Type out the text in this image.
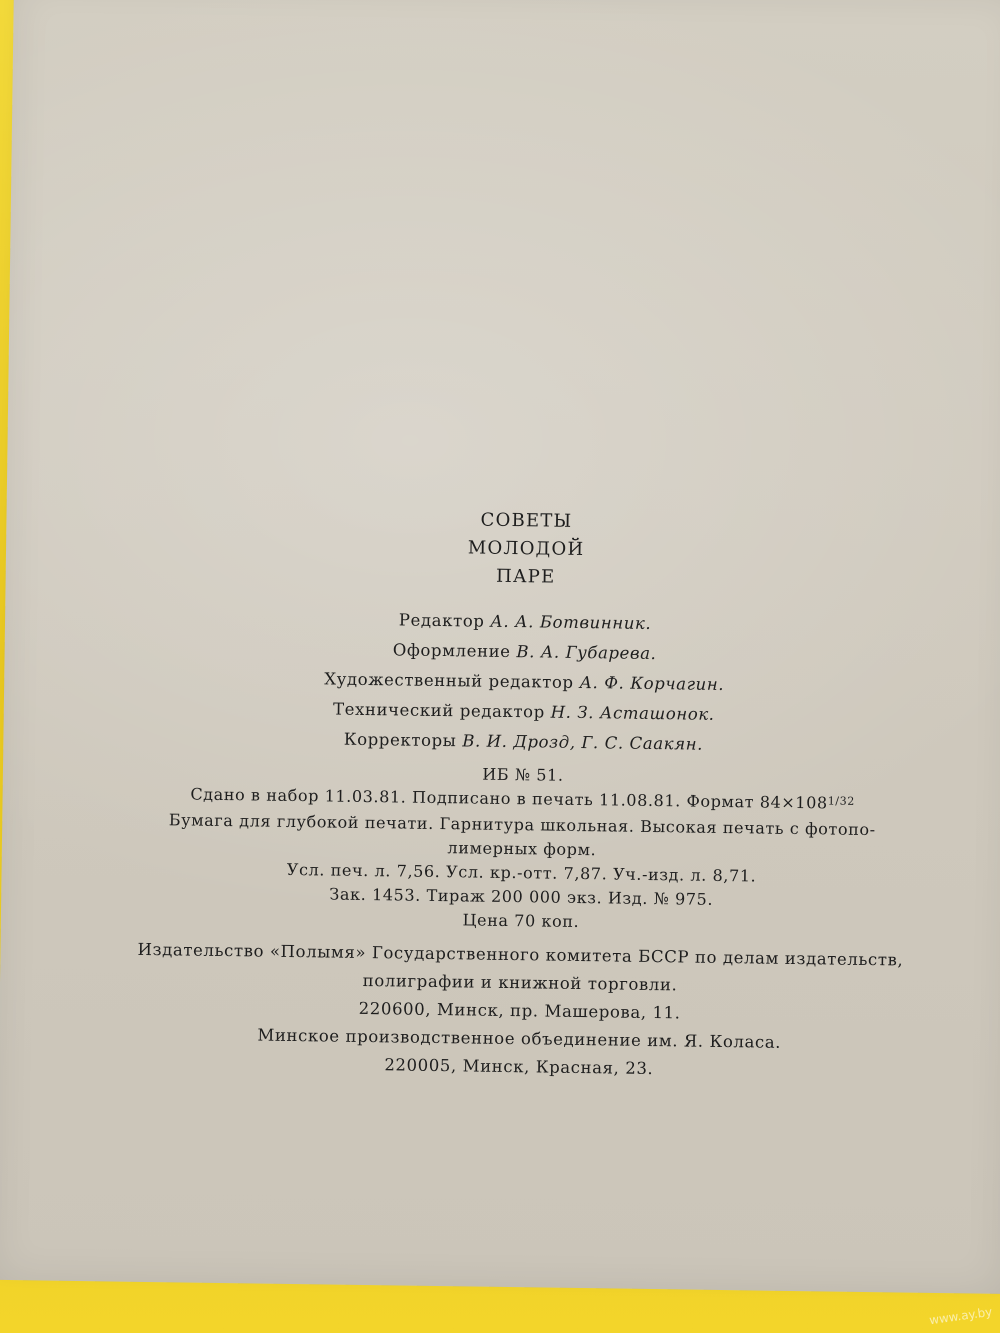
СОВЕТЫ
МОЛОДОЙ
ПАРЕ
Редактор А. А. Ботвинник.
Оформление В. А. Губарева.
Художественный редактор А. Ф. Корчагин.
Технический редактор Н. З. Асташонок.
Корректоры В. И. Дрозд, Г. С. Саакян.
ИБ № 51.
Сдано в набор 11.03.81. Подписано в печать 11.08.81. Формат $84\times 108^{1/32}$
Бумага для глубокой печати. Гарнитура школьная. Высокая печать с фотопо-
лимерных форм.
Усл. печ. л. 7,56. Усл. кр.-отт. 7,87. Уч.-изд. л. 8,71.
Зак. 1453. Тираж 200 000 экз. Изд. № 975.
Цена 70 коп.
Издательство «Полымя» Государственного комитета БССР по делам издательств,
полиграфии и книжной торговли.
220600, Минск, пр. Машерова, 11.
Минское производственное объединение им. Я. Коласа.
220005, Минск, Красная, 23.
www.ay.by
